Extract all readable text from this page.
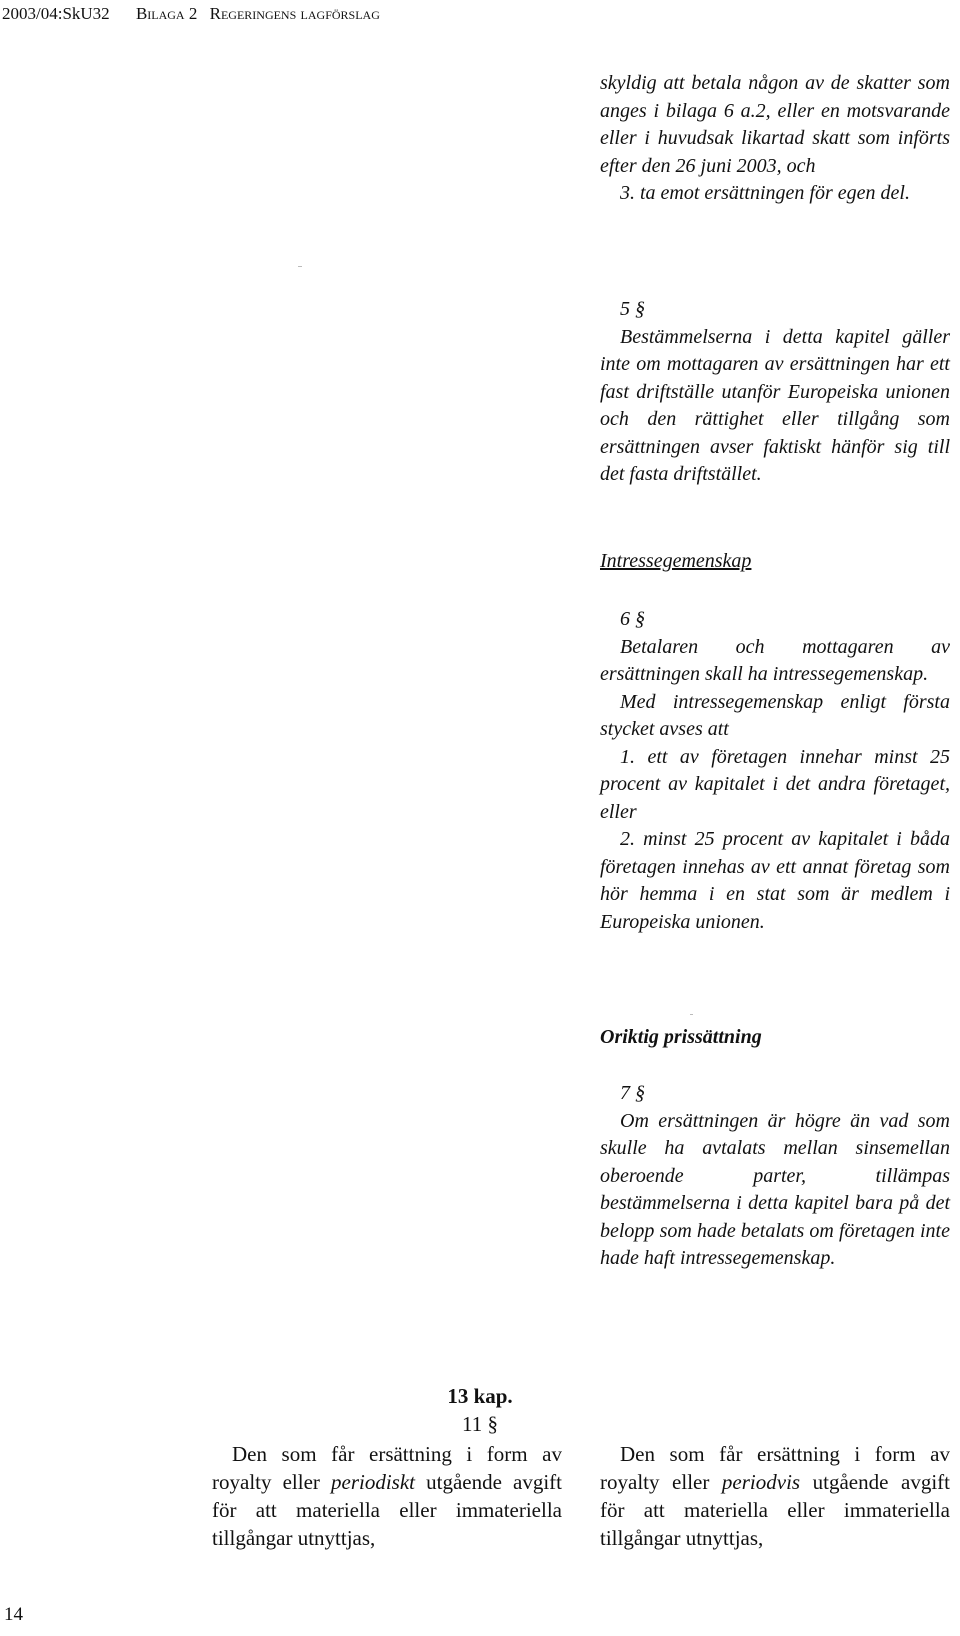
2003/04:SkU32 Bilaga 2 Regeringens lagförslag

skyldig att betala någon av de skatter som anges i bilaga 6 a.2, eller en motsvarande eller i huvudsak likartad skatt som införts efter den 26 juni 2003, och

3. ta emot ersättningen för egen del.

5 §

Bestämmelserna i detta kapitel gäller inte om mottagaren av ersättningen har ett fast driftställe utanför Europeiska unionen och den rättighet eller tillgång som ersättningen avser faktiskt hänför sig till det fasta driftstället.

Intressegemenskap

6 §

Betalaren och mottagaren av ersättningen skall ha intressegemenskap.

Med intressegemenskap enligt första stycket avses att

1. ett av företagen innehar minst 25 procent av kapitalet i det andra företaget, eller

2. minst 25 procent av kapitalet i båda företagen innehas av ett annat företag som hör hemma i en stat som är medlem i Europeiska unionen.

Oriktig prissättning

7 §

Om ersättningen är högre än vad som skulle ha avtalats mellan sinsemellan oberoende parter, tillämpas bestämmelserna i detta kapitel bara på det belopp som hade betalats om företagen inte hade haft intressegemenskap.

13 kap.
11 §
Den som får ersättning i form av royalty eller periodiskt utgående avgift för att materiella eller immateriella tillgångar utnyttjas,
Den som får ersättning i form av royalty eller periodvis utgående avgift för att materiella eller immateriella tillgångar utnyttjas,
14
